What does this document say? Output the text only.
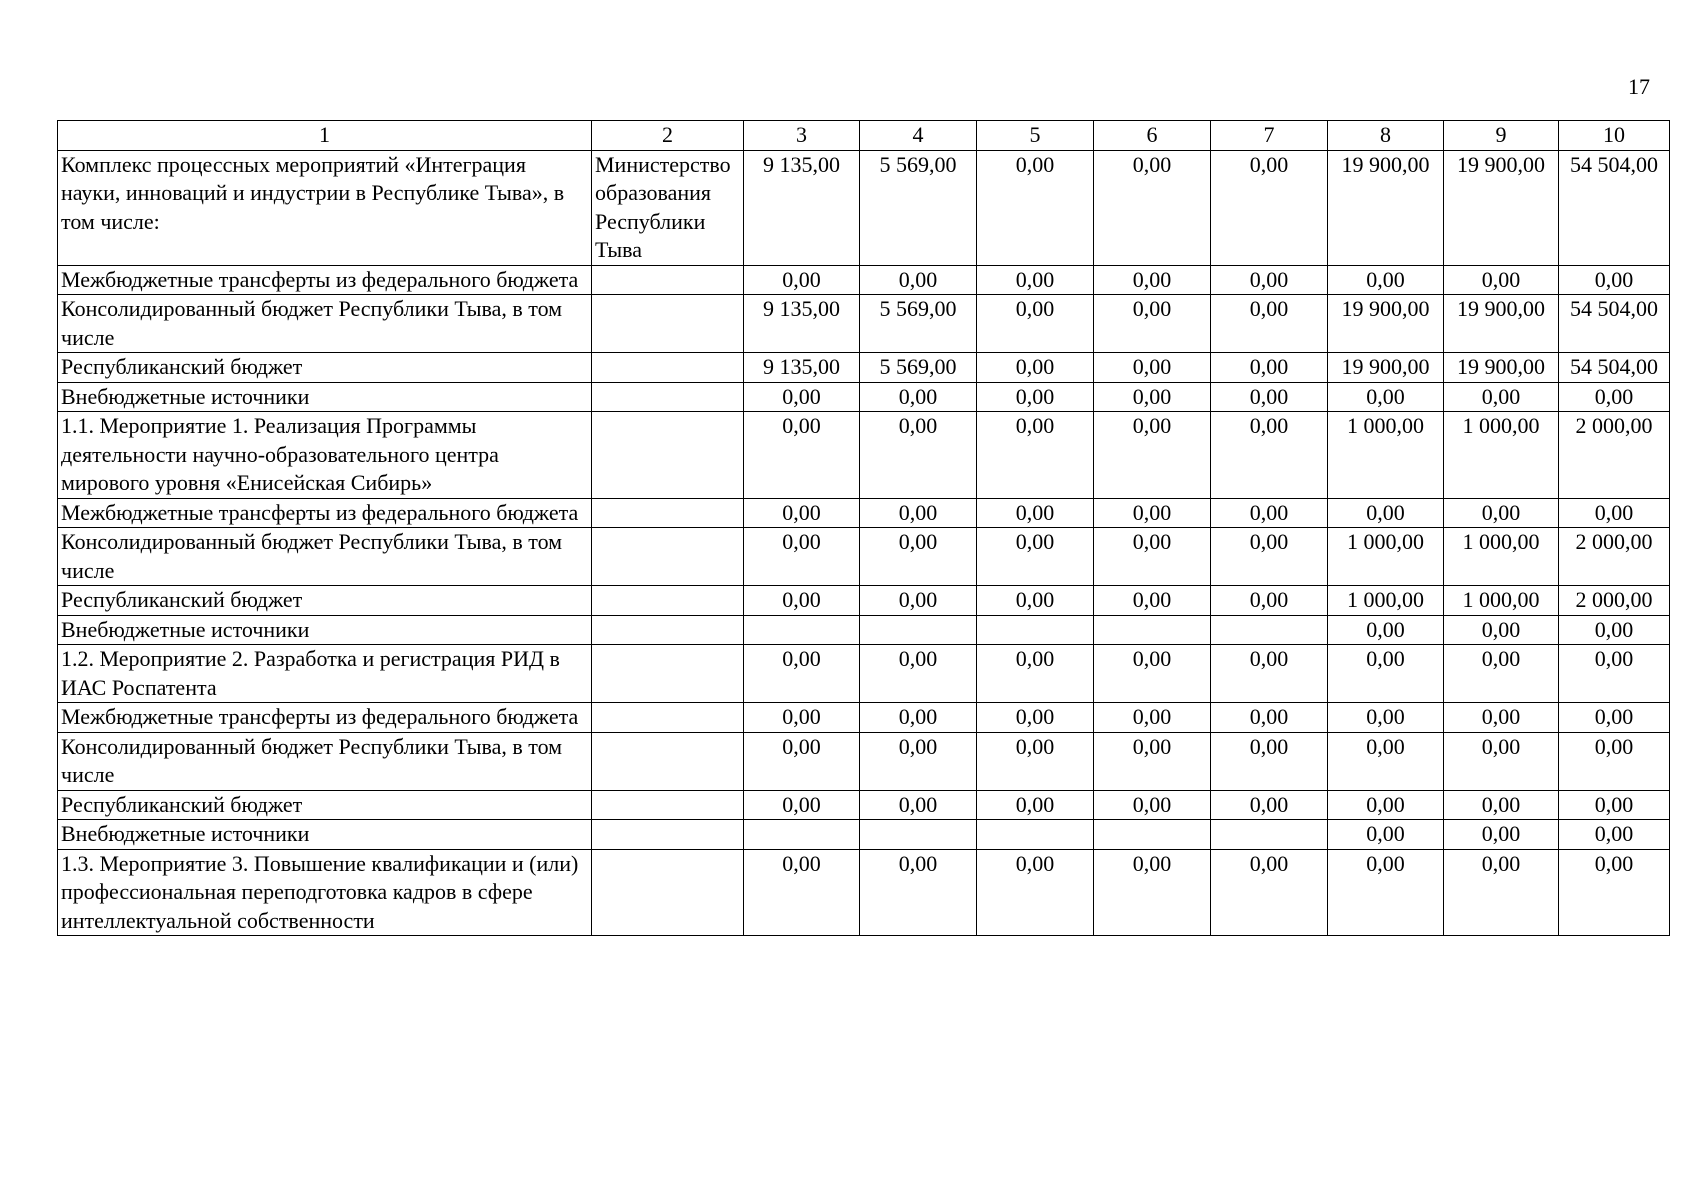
17
1	2	3	4	5	6	7	8	9	10
Комплекс процессных мероприятий «Интеграция науки, инноваций и индустрии в Республике Тыва», в том числе:	Министерство образования Республики Тыва	9 135,00	5 569,00	0,00	0,00	0,00	19 900,00	19 900,00	54 504,00
Межбюджетные трансферты из федерального бюджета		0,00	0,00	0,00	0,00	0,00	0,00	0,00	0,00
Консолидированный бюджет Республики Тыва, в том числе		9 135,00	5 569,00	0,00	0,00	0,00	19 900,00	19 900,00	54 504,00
Республиканский бюджет		9 135,00	5 569,00	0,00	0,00	0,00	19 900,00	19 900,00	54 504,00
Внебюджетные источники		0,00	0,00	0,00	0,00	0,00	0,00	0,00	0,00
1.1. Мероприятие 1. Реализация Программы деятельности научно-образовательного центра мирового уровня «Енисейская Сибирь»		0,00	0,00	0,00	0,00	0,00	1 000,00	1 000,00	2 000,00
Межбюджетные трансферты из федерального бюджета		0,00	0,00	0,00	0,00	0,00	0,00	0,00	0,00
Консолидированный бюджет Республики Тыва, в том числе		0,00	0,00	0,00	0,00	0,00	1 000,00	1 000,00	2 000,00
Республиканский бюджет		0,00	0,00	0,00	0,00	0,00	1 000,00	1 000,00	2 000,00
Внебюджетные источники							0,00	0,00	0,00
1.2. Мероприятие 2. Разработка и регистрация РИД в ИАС Роспатента		0,00	0,00	0,00	0,00	0,00	0,00	0,00	0,00
Межбюджетные трансферты из федерального бюджета		0,00	0,00	0,00	0,00	0,00	0,00	0,00	0,00
Консолидированный бюджет Республики Тыва, в том числе		0,00	0,00	0,00	0,00	0,00	0,00	0,00	0,00
Республиканский бюджет		0,00	0,00	0,00	0,00	0,00	0,00	0,00	0,00
Внебюджетные источники							0,00	0,00	0,00
1.3. Мероприятие 3. Повышение квалификации и (или) профессиональная переподготовка кадров в сфере интеллектуальной собственности		0,00	0,00	0,00	0,00	0,00	0,00	0,00	0,00
